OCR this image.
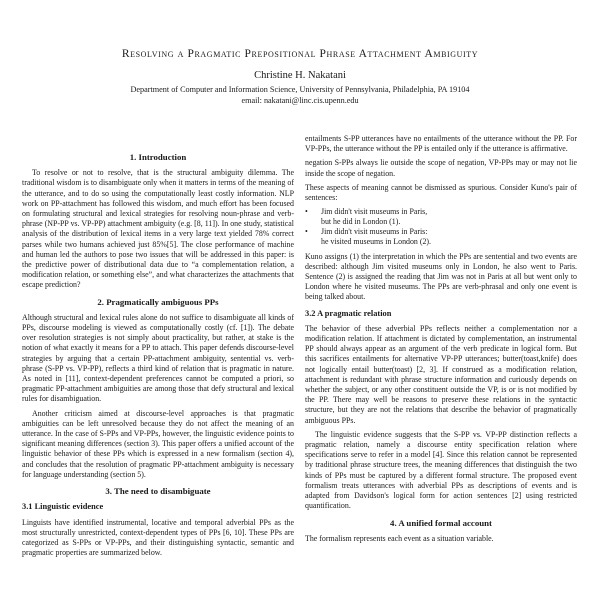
Resolving a Pragmatic Prepositional Phrase Attachment Ambiguity
Christine H. Nakatani
Department of Computer and Information Science, University of Pennsylvania, Philadelphia, PA 19104
email: nakatani@linc.cis.upenn.edu
1. Introduction

To resolve or not to resolve, that is the structural ambiguity dilemma. The traditional wisdom is to disambiguate only when it matters in terms of the meaning of the utterance, and to do so using the computationally least costly information. NLP work on PP-attachment has followed this wisdom, and much effort has been focused on formulating structural and lexical strategies for resolving noun-phrase and verb-phrase (NP-PP vs. VP-PP) attachment ambiguity (e.g. [8, 11]). In one study, statistical analysis of the distribution of lexical items in a very large text yielded 78% correct parses while two humans achieved just 85%[5]. The close performance of machine and human led the authors to pose two issues that will be addressed in this paper: is the predictive power of distributional data due to “a complementation relation, a modification relation, or something else”, and what characterizes the attachments that escape prediction?

2. Pragmatically ambiguous PPs

Although structural and lexical rules alone do not suffice to disambiguate all kinds of PPs, discourse modeling is viewed as computationally costly (cf. [1]). The debate over resolution strategies is not simply about practicality, but rather, at stake is the notion of what exactly it means for a PP to attach. This paper defends discourse-level strategies by arguing that a certain PP-attachment ambiguity, sentential vs. verb-phrase (S-PP vs. VP-PP), reflects a third kind of relation that is pragmatic in nature. As noted in [11], context-dependent preferences cannot be computed a priori, so pragmatic PP-attachment ambiguities are among those that defy structural and lexical rules for disambiguation.

Another criticism aimed at discourse-level approaches is that pragmatic ambiguities can be left unresolved because they do not affect the meaning of an utterance. In the case of S-PPs and VP-PPs, however, the linguistic evidence points to significant meaning differences (section 3). This paper offers a unified account of the linguistic behavior of these PPs which is expressed in a new formalism (section 4), and concludes that the resolution of pragmatic PP-attachment ambiguity is necessary for language understanding (section 5).

3. The need to disambiguate
3.1 Linguistic evidence

Linguists have identified instrumental, locative and temporal adverbial PPs as the most structurally unrestricted, context-dependent types of PPs [6, 10]. These PPs are categorized as S-PPs or VP-PPs, and their distinguishing syntactic, semantic and pragmatic properties are summarized below.

entailments S-PP utterances have no entailments of the utterance without the PP. For VP-PPs, the utterance without the PP is entailed only if the utterance is affirmative.

negation S-PPs always lie outside the scope of negation, VP-PPs may or may not lie inside the scope of negation.

These aspects of meaning cannot be dismissed as spurious. Consider Kuno's pair of sentences:

•	Jim didn't visit museums in Paris,
but he did in London (1).
•	Jim didn't visit museums in Paris:
he visited museums in London (2).

Kuno assigns (1) the interpretation in which the PPs are sentential and two events are described: although Jim visited museums only in London, he also went to Paris. Sentence (2) is assigned the reading that Jim was not in Paris at all but went only to London where he visited museums. The PPs are verb-phrasal and only one event is being talked about.

3.2 A pragmatic relation

The behavior of these adverbial PPs reflects neither a complementation nor a modification relation. If attachment is dictated by complementation, an instrumental PP should always appear as an argument of the verb predicate in logical form. But this sacrifices entailments for alternative VP-PP utterances; butter(toast,knife) does not logically entail butter(toast) [2, 3]. If construed as a modification relation, attachment is redundant with phrase structure information and curiously depends on whether the subject, or any other constituent outside the VP, is or is not modified by the PP. There may well be reasons to preserve these relations in the syntactic structure, but they are not the relations that describe the behavior of pragmatically ambiguous PPs.

The linguistic evidence suggests that the S-PP vs. VP-PP distinction reflects a pragmatic relation, namely a discourse entity specification relation where specifications serve to refer in a model [4]. Since this relation cannot be represented by traditional phrase structure trees, the meaning differences that distinguish the two kinds of PPs must be captured by a different formal structure. The proposed event formalism treats utterances with adverbial PPs as descriptions of events and is adapted from Davidson's logical form for action sentences [2] using restricted quantification.

4. A unified formal account

The formalism represents each event as a situation variable.
